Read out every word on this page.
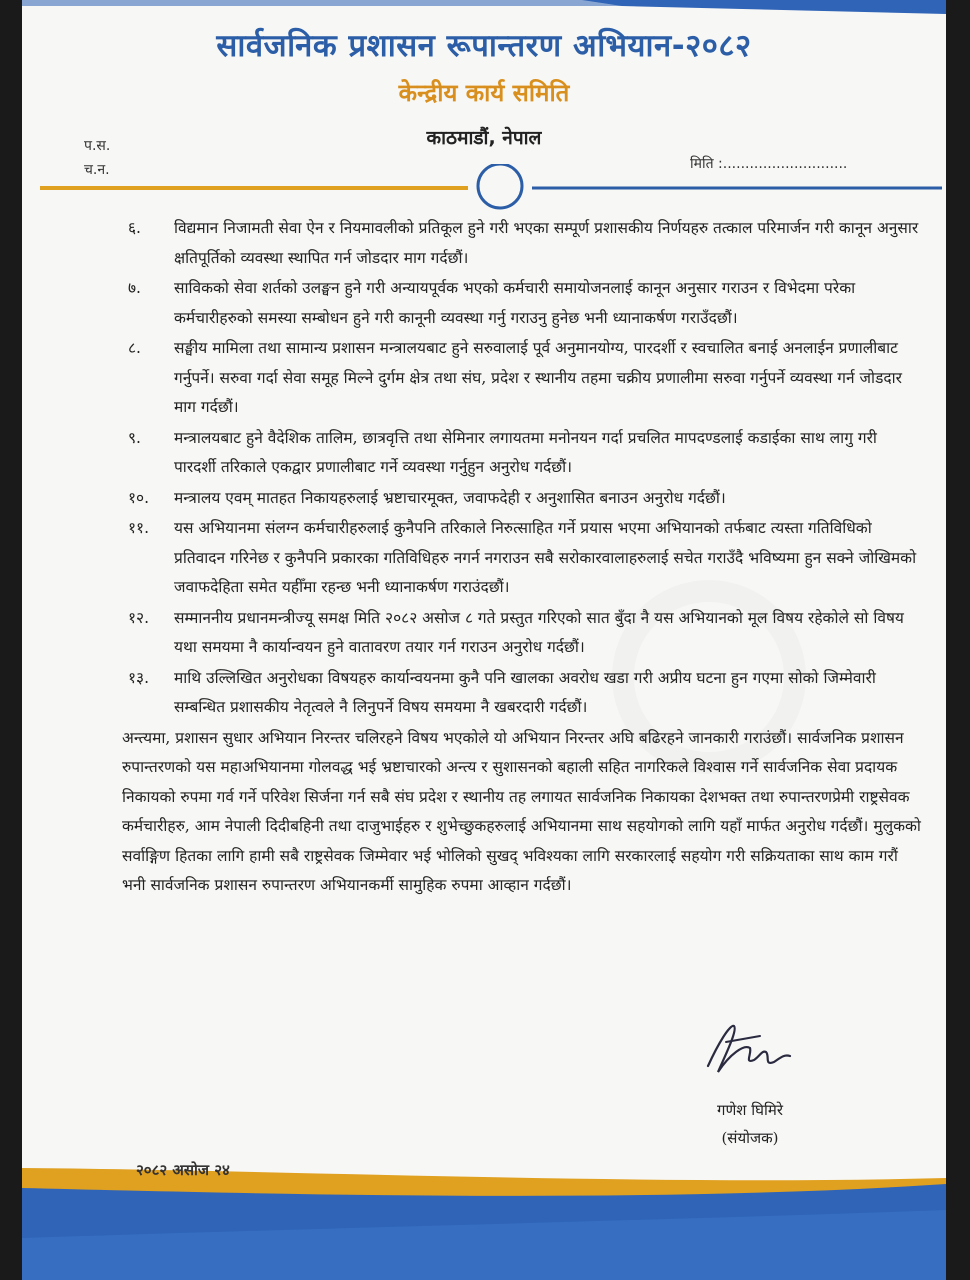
सार्वजनिक प्रशासन रूपान्तरण अभियान-२०८२
केन्द्रीय कार्य समिति
काठमाडौं, नेपाल
प.स.
च.न.	मिति :............................
६. विद्यमान निजामती सेवा ऐन र नियमावलीको प्रतिकूल हुने गरी भएका सम्पूर्ण प्रशासकीय निर्णयहरु तत्काल परिमार्जन गरी कानून अनुसार क्षतिपूर्तिको व्यवस्था स्थापित गर्न जोडदार माग गर्दछौं।
७. साविकको सेवा शर्तको उलङ्घन हुने गरी अन्यायपूर्वक भएको कर्मचारी समायोजनलाई कानून अनुसार गराउन र विभेदमा परेका कर्मचारीहरुको समस्या सम्बोधन हुने गरी कानूनी व्यवस्था गर्नु गराउनु हुनेछ भनी ध्यानाकर्षण गराउँदछौं।
८. सङ्घीय मामिला तथा सामान्य प्रशासन मन्त्रालयबाट हुने सरुवालाई पूर्व अनुमानयोग्य, पारदर्शी र स्वचालित बनाई अनलाईन प्रणालीबाट गर्नुपर्ने। सरुवा गर्दा सेवा समूह मिल्ने दुर्गम क्षेत्र तथा संघ, प्रदेश र स्थानीय तहमा चक्रीय प्रणालीमा सरुवा गर्नुपर्ने व्यवस्था गर्न जोडदार माग गर्दछौं।
९. मन्त्रालयबाट हुने वैदेशिक तालिम, छात्रवृत्ति तथा सेमिनार लगायतमा मनोनयन गर्दा प्रचलित मापदण्डलाई कडाईका साथ लागु गरी पारदर्शी तरिकाले एकद्वार प्रणालीबाट गर्ने व्यवस्था गर्नुहुन अनुरोध गर्दछौं।
१०. मन्त्रालय एवम् मातहत निकायहरुलाई भ्रष्टाचारमूक्त, जवाफदेही र अनुशासित बनाउन अनुरोध गर्दछौं।
११. यस अभियानमा संलग्न कर्मचारीहरुलाई कुनैपनि तरिकाले निरुत्साहित गर्ने प्रयास भएमा अभियानको तर्फबाट त्यस्ता गतिविधिको प्रतिवादन गरिनेछ र कुनैपनि प्रकारका गतिविधिहरु नगर्न नगराउन सबै सरोकारवालाहरुलाई सचेत गराउँदै भविष्यमा हुन सक्ने जोखिमको जवाफदेहिता समेत यहीँमा रहन्छ भनी ध्यानाकर्षण गराउंदछौं।
१२. सम्माननीय प्रधानमन्त्रीज्यू समक्ष मिति २०८२ असोज ८ गते प्रस्तुत गरिएको सात बुँदा नै यस अभियानको मूल विषय रहेकोले सो विषय यथा समयमा नै कार्यान्वयन हुने वातावरण तयार गर्न गराउन अनुरोध गर्दछौं।
१३. माथि उल्लिखित अनुरोधका विषयहरु कार्यान्वयनमा कुनै पनि खालका अवरोध खडा गरी अप्रीय घटना हुन गएमा सोको जिम्मेवारी सम्बन्धित प्रशासकीय नेतृत्वले नै लिनुपर्ने विषय समयमा नै खबरदारी गर्दछौं।
अन्त्यमा, प्रशासन सुधार अभियान निरन्तर चलिरहने विषय भएकोले यो अभियान निरन्तर अघि बढिरहने जानकारी गराउंछौं। सार्वजनिक प्रशासन रुपान्तरणको यस महाअभियानमा गोलवद्ध भई भ्रष्टाचारको अन्त्य र सुशासनको बहाली सहित नागरिकले विश्वास गर्ने सार्वजनिक सेवा प्रदायक निकायको रुपमा गर्व गर्ने परिवेश सिर्जना गर्न सबै संघ प्रदेश र स्थानीय तह लगायत सार्वजनिक निकायका देशभक्त तथा रुपान्तरणप्रेमी राष्ट्रसेवक कर्मचारीहरु, आम नेपाली दिदीबहिनी तथा दाजुभाईहरु र शुभेच्छुकहरुलाई अभियानमा साथ सहयोगको लागि यहाँ मार्फत अनुरोध गर्दछौं। मुलुकको सर्वाङ्गिण हितका लागि हामी सबै राष्ट्रसेवक जिम्मेवार भई भोलिको सुखद् भविश्यका लागि सरकारलाई सहयोग गरी सक्रियताका साथ काम गरौं भनी सार्वजनिक प्रशासन रुपान्तरण अभियानकर्मी सामुहिक रुपमा आव्हान गर्दछौं।
गणेश घिमिरे
(संयोजक)
२०८२ असोज २४
